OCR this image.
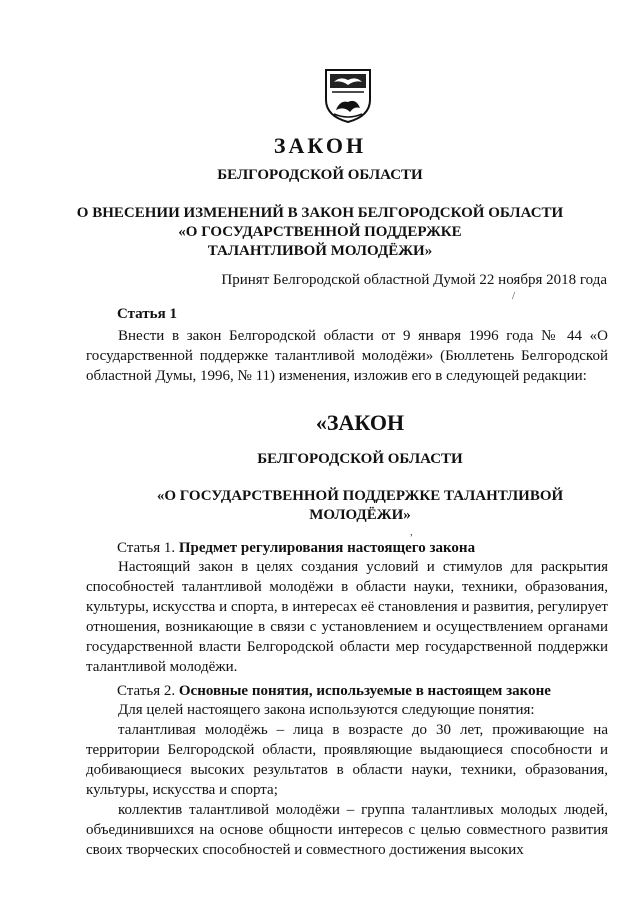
ЗАКОН
БЕЛГОРОДСКОЙ ОБЛАСТИ
О ВНЕСЕНИИ ИЗМЕНЕНИЙ В ЗАКОН БЕЛГОРОДСКОЙ ОБЛАСТИ
«О ГОСУДАРСТВЕННОЙ ПОДДЕРЖКЕ
ТАЛАНТЛИВОЙ МОЛОДЁЖИ»
Принят Белгородской областной Думой 22 ноября 2018 года
/
Статья 1

Внести в закон Белгородской области от 9 января 1996 года № 44 «О государственной поддержке талантливой молодёжи» (Бюллетень Белгородской областной Думы, 1996, № 11) изменения, изложив его в следующей редакции:

«ЗАКОН
БЕЛГОРОДСКОЙ ОБЛАСТИ
«О ГОСУДАРСТВЕННОЙ ПОДДЕРЖКЕ ТАЛАНТЛИВОЙ
МОЛОДЁЖИ»
,
Статья 1. Предмет регулирования настоящего закона

Настоящий закон в целях создания условий и стимулов для раскрытия способностей талантливой молодёжи в области науки, техники, образования, культуры, искусства и спорта, в интересах её становления и развития, регулирует отношения, возникающие в связи с установлением и осуществлением органами государственной власти Белгородской области мер государственной поддержки талантливой молодёжи.

Статья 2. Основные понятия, используемые в настоящем законе

Для целей настоящего закона используются следующие понятия:

талантливая молодёжь – лица в возрасте до 30 лет, проживающие на территории Белгородской области, проявляющие выдающиеся способности и добивающиеся высоких результатов в области науки, техники, образования, культуры, искусства и спорта;

коллектив талантливой молодёжи – группа талантливых молодых людей, объединившихся на основе общности интересов с целью совместного развития своих творческих способностей и совместного достижения высоких
